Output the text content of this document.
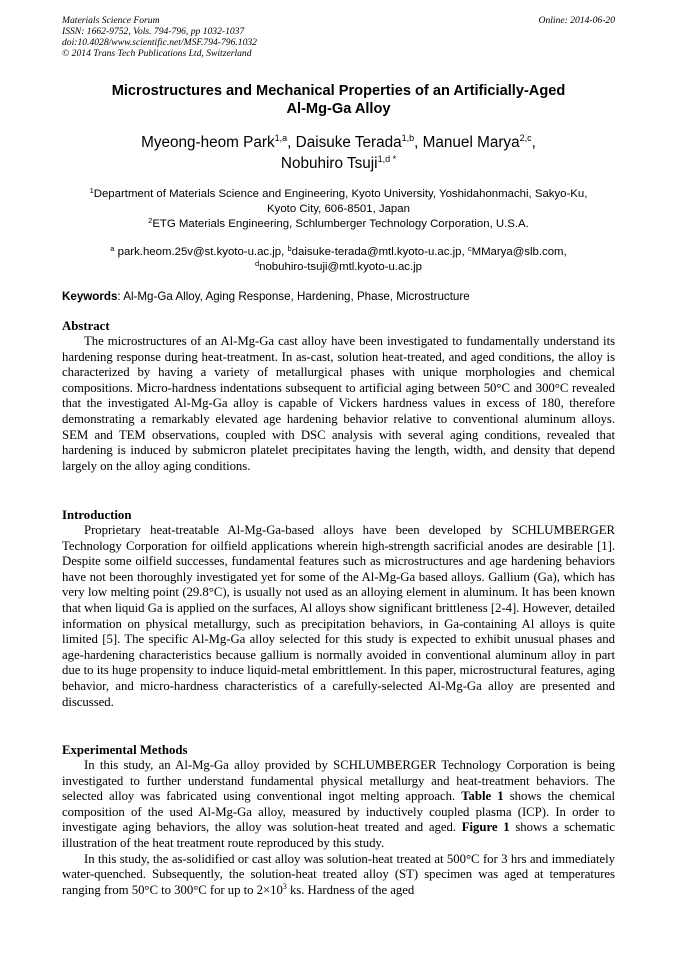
Materials Science Forum
ISSN: 1662-9752, Vols. 794-796, pp 1032-1037
doi:10.4028/www.scientific.net/MSF.794-796.1032
© 2014 Trans Tech Publications Ltd, Switzerland
Online: 2014-06-20
Microstructures and Mechanical Properties of an Artificially-Aged
Al-Mg-Ga Alloy
Myeong-heom Park$^{1,a}$, Daisuke Terada$^{1,b}$, Manuel Marya$^{2,c}$,
Nobuhiro Tsuji$^{1,d *}$
$^1$Department of Materials Science and Engineering, Kyoto University, Yoshidahonmachi, Sakyo-Ku,
Kyoto City, 606-8501, Japan
$^2$ETG Materials Engineering, Schlumberger Technology Corporation, U.S.A.
$^a$ park.heom.25v@st.kyoto-u.ac.jp, $^b$daisuke-terada@mtl.kyoto-u.ac.jp, $^c$MMarya@slb.com,
$^d$nobuhiro-tsuji@mtl.kyoto-u.ac.jp
Keywords: Al-Mg-Ga Alloy, Aging Response, Hardening, Phase, Microstructure
Abstract

The microstructures of an Al-Mg-Ga cast alloy have been investigated to fundamentally understand its hardening response during heat-treatment. In as-cast, solution heat-treated, and aged conditions, the alloy is characterized by having a variety of metallurgical phases with unique morphologies and chemical compositions. Micro-hardness indentations subsequent to artificial aging between 50°C and 300°C revealed that the investigated Al-Mg-Ga alloy is capable of Vickers hardness values in excess of 180, therefore demonstrating a remarkably elevated age hardening behavior relative to conventional aluminum alloys. SEM and TEM observations, coupled with DSC analysis with several aging conditions, revealed that hardening is induced by submicron platelet precipitates having the length, width, and density that depend largely on the alloy aging conditions.

Introduction

Proprietary heat-treatable Al-Mg-Ga-based alloys have been developed by SCHLUMBERGER Technology Corporation for oilfield applications wherein high-strength sacrificial anodes are desirable [1]. Despite some oilfield successes, fundamental features such as microstructures and age hardening behaviors have not been thoroughly investigated yet for some of the Al-Mg-Ga based alloys. Gallium (Ga), which has very low melting point (29.8°C), is usually not used as an alloying element in aluminum. It has been known that when liquid Ga is applied on the surfaces, Al alloys show significant brittleness [2-4]. However, detailed information on physical metallurgy, such as precipitation behaviors, in Ga-containing Al alloys is quite limited [5]. The specific Al-Mg-Ga alloy selected for this study is expected to exhibit unusual phases and age-hardening characteristics because gallium is normally avoided in conventional aluminum alloy in part due to its huge propensity to induce liquid-metal embrittlement. In this paper, microstructural features, aging behavior, and micro-hardness characteristics of a carefully-selected Al-Mg-Ga alloy are presented and discussed.

Experimental Methods

In this study, an Al-Mg-Ga alloy provided by SCHLUMBERGER Technology Corporation is being investigated to further understand fundamental physical metallurgy and heat-treatment behaviors. The selected alloy was fabricated using conventional ingot melting approach. Table 1 shows the chemical composition of the used Al-Mg-Ga alloy, measured by inductively coupled plasma (ICP). In order to investigate aging behaviors, the alloy was solution-heat treated and aged. Figure 1 shows a schematic illustration of the heat treatment route reproduced by this study.

In this study, the as-solidified or cast alloy was solution-heat treated at 500°C for 3 hrs and immediately water-quenched. Subsequently, the solution-heat treated alloy (ST) specimen was aged at temperatures ranging from 50°C to 300°C for up to $2\times 10^3$ ks. Hardness of the aged
